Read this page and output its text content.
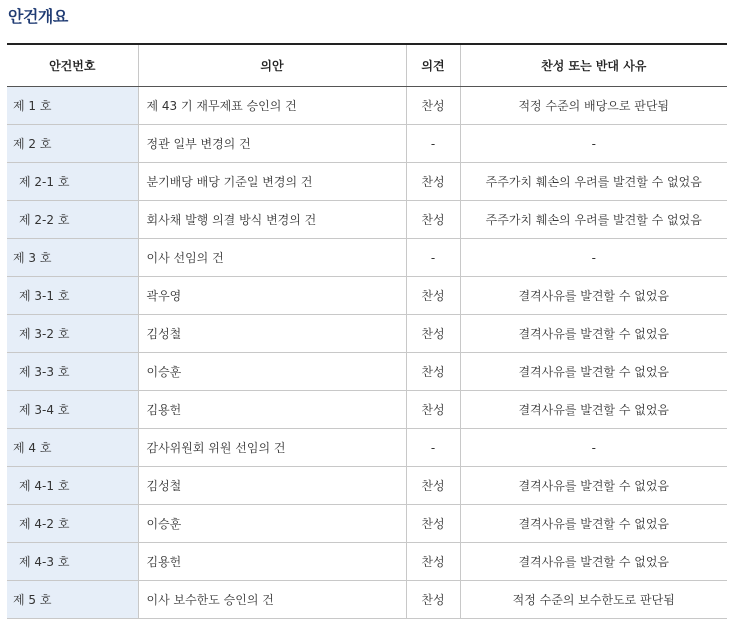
안건개요
안건번호	의안	의견	찬성 또는 반대 사유
제 1 호	제 43 기 재무제표 승인의 건	찬성	적정 수준의 배당으로 판단됨
제 2 호	정관 일부 변경의 건	-	-
제 2-1 호	분기배당 배당 기준일 변경의 건	찬성	주주가치 훼손의 우려를 발견할 수 없었음
제 2-2 호	회사채 발행 의결 방식 변경의 건	찬성	주주가치 훼손의 우려를 발견할 수 없었음
제 3 호	이사 선임의 건	-	-
제 3-1 호	곽우영	찬성	결격사유를 발견할 수 없었음
제 3-2 호	김성철	찬성	결격사유를 발견할 수 없었음
제 3-3 호	이승훈	찬성	결격사유를 발견할 수 없었음
제 3-4 호	김용헌	찬성	결격사유를 발견할 수 없었음
제 4 호	감사위원회 위원 선임의 건	-	-
제 4-1 호	김성철	찬성	결격사유를 발견할 수 없었음
제 4-2 호	이승훈	찬성	결격사유를 발견할 수 없었음
제 4-3 호	김용헌	찬성	결격사유를 발견할 수 없었음
제 5 호	이사 보수한도 승인의 건	찬성	적정 수준의 보수한도로 판단됨
